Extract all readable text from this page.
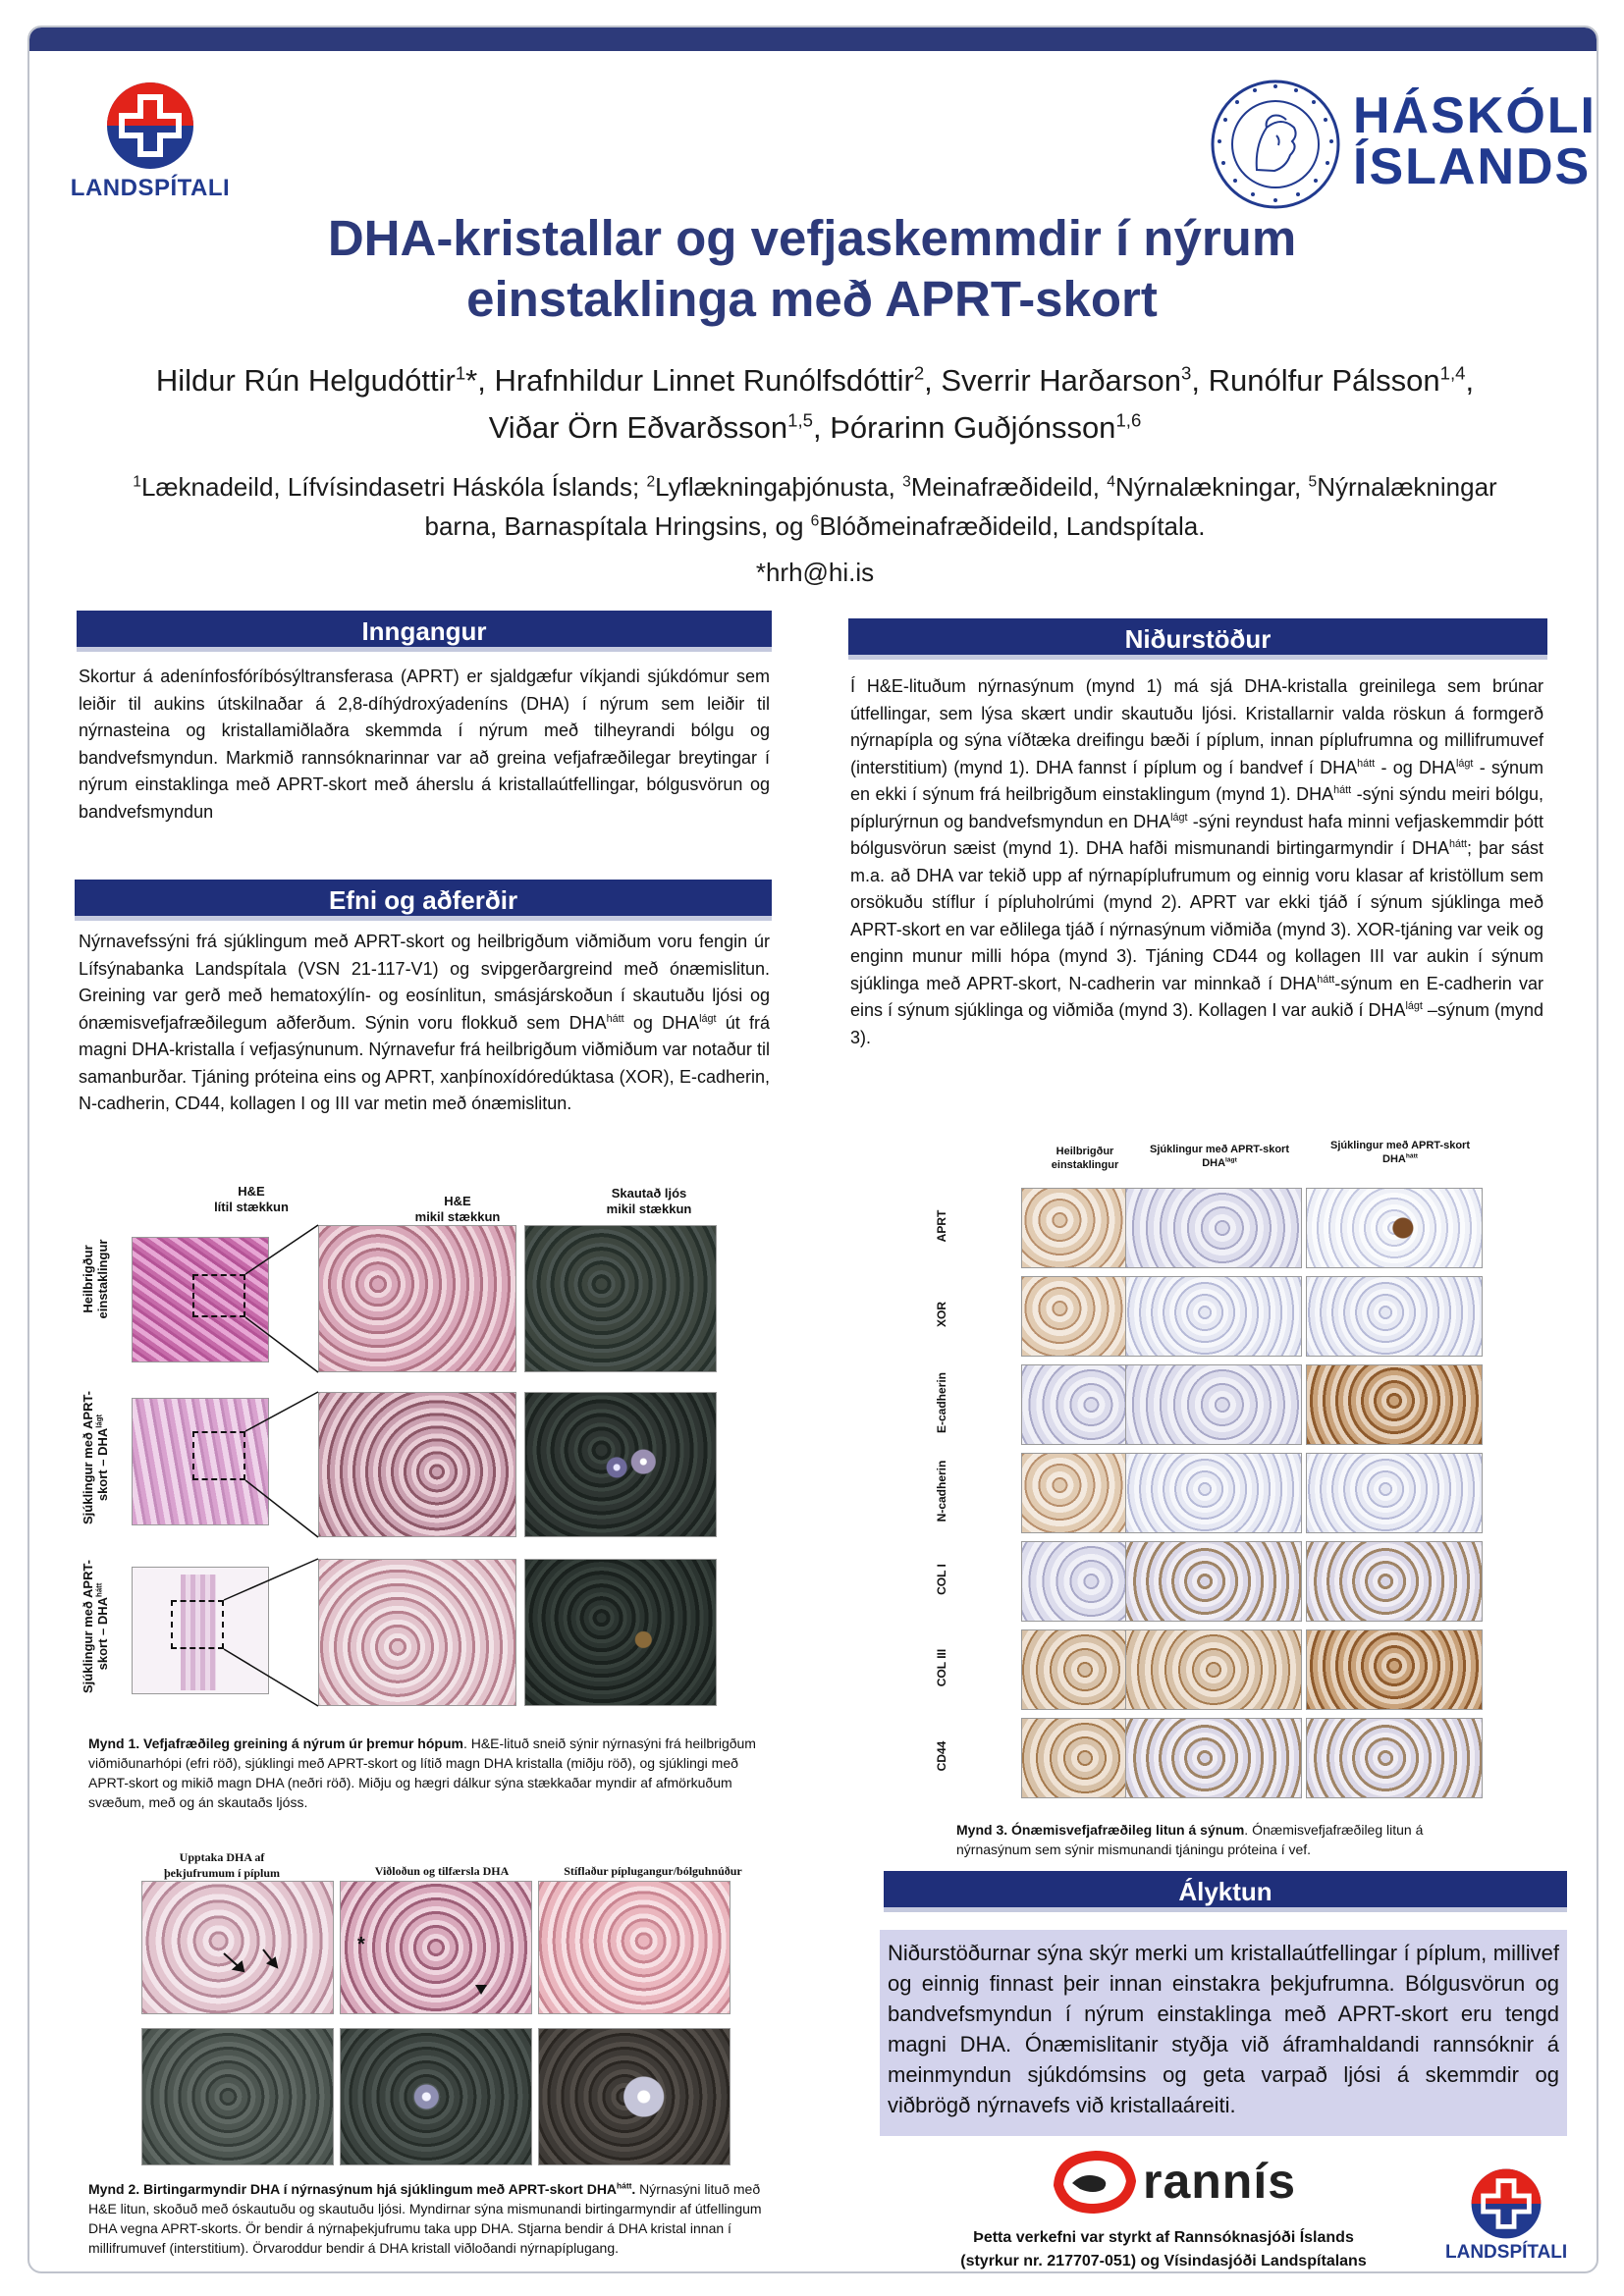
LANDSPÍTALI
HÁSKÓLI
ÍSLANDS
DHA-kristallar og vefjaskemmdir í nýrum
einstaklinga með APRT-skort
Hildur Rún Helgudóttir$^1$*, Hrafnhildur Linnet Runólfsdóttir$^2$, Sverrir Harðarson$^3$, Runólfur Pálsson$^{1,4}$,
Viðar Örn Eðvarðsson$^{1,5}$, Þórarinn Guðjónsson$^{1,6}$
$^1$Læknadeild, Lífvísindasetri Háskóla Íslands; $^2$Lyflækningaþjónusta, $^3$Meinafræðideild, $^4$Nýrnalækningar, $^5$Nýrnalækningar
barna, Barnaspítala Hringsins, og $^6$Blóðmeinafræðideild, Landspítala.
*hrh@hi.is
Inngangur
Skortur á adenínfosfóríbósýltransferasa (APRT) er sjaldgæfur víkjandi sjúkdómur sem leiðir til aukins útskilnaðar á 2,8-díhýdroxýadeníns (DHA) í nýrum sem leiðir til nýrnasteina og kristallamiðlaðra skemmda í nýrum með tilheyrandi bólgu og bandvefsmyndun. Markmið rannsóknarinnar var að greina vefjafræðilegar breytingar í nýrum einstaklinga með APRT-skort með áherslu á kristallaútfellingar, bólgusvörun og bandvefsmyndun
Efni og aðferðir
Nýrnavefssýni frá sjúklingum með APRT-skort og heilbrigðum viðmiðum voru fengin úr Lífsýnabanka Landspítala (VSN 21-117-V1) og svipgerðargreind með ónæmislitun. Greining var gerð með hematoxýlín- og eosínlitun, smásjárskoðun í skautuðu ljósi og ónæmisvefjafræðilegum aðferðum. Sýnin voru flokkuð sem $DHA^{hátt}$ og $DHA^{lágt}$ út frá magni DHA-kristalla í vefjasýnunum. Nýrnavefur frá heilbrigðum viðmiðum var notaður til samanburðar. Tjáning próteina eins og APRT, xanþínoxídóredúktasa (XOR), E-cadherin, N-cadherin, CD44, kollagen I og III var metin með ónæmislitun.
H&E
lítil stækkun	H&E
mikil stækkun
Skautað ljós
mikil stækkun
Heilbrigður einstaklingur
Sjúklingur með APRT- skort – $DHA^{lágt}$
Sjúklingur með APRT- skort – $DHA^{hátt}$
Mynd 1. Vefjafræðileg greining á nýrum úr þremur hópum. H&E-lituð sneið sýnir nýrnasýni frá heilbrigðum viðmiðunarhópi (efri röð), sjúklingi með APRT-skort og lítið magn DHA kristalla (miðju röð), og sjúklingi með APRT-skort og mikið magn DHA (neðri röð). Miðju og hægri dálkur sýna stækkaðar myndir af afmörkuðum svæðum, með og án skautaðs ljóss.
Upptaka DHA af
þekjufrumum í píplum	Viðloðun og tilfærsla DHA	Stíflaður píplugangur/bólguhnúður
*
Mynd 2. Birtingarmyndir DHA í nýrnasýnum hjá sjúklingum með APRT-skort $DHA^{hátt}$. Nýrnasýni lituð með H&E litun, skoðuð með óskautuðu og skautuðu ljósi. Myndirnar sýna mismunandi birtingarmyndir af útfellingum DHA vegna APRT-skorts. Ör bendir á nýrnaþekjufrumu taka upp DHA. Stjarna bendir á DHA kristal innan í millifrumuvef (interstitium). Örvaroddur bendir á DHA kristall viðloðandi nýrnapíplugang.
Niðurstöður
Í H&E-lituðum nýrnasýnum (mynd 1) má sjá DHA-kristalla greinilega sem brúnar útfellingar, sem lýsa skært undir skautuðu ljósi. Kristallarnir valda röskun á formgerð nýrnapípla og sýna víðtæka dreifingu bæði í píplum, innan píplufrumna og millifrumuvef (interstitium) (mynd 1). DHA fannst í píplum og í bandvef í $DHA^{hátt}$ - og $DHA^{lágt}$ - sýnum en ekki í sýnum frá heilbrigðum einstaklingum (mynd 1). $DHA^{hátt}$ -sýni sýndu meiri bólgu, píplurýrnun og bandvefsmyndun en $DHA^{lágt}$ -sýni reyndust hafa minni vefjaskemmdir þótt bólgusvörun sæist (mynd 1). DHA hafði mismunandi birtingarmyndir í $DHA^{hátt}$; þar sást m.a. að DHA var tekið upp af nýrnapíplufrumum og einnig voru klasar af kristöllum sem orsökuðu stíflur í pípluholrúmi (mynd 2). APRT var ekki tjáð í sýnum sjúklinga með APRT-skort en var eðlilega tjáð í nýrnasýnum viðmiða (mynd 3). XOR-tjáning var veik og enginn munur milli hópa (mynd 3). Tjáning CD44 og kollagen III var aukin í sýnum sjúklinga með APRT-skort, N-cadherin var minnkað í $DHA^{hátt}$-sýnum en E-cadherin var eins í sýnum sjúklinga og viðmiða (mynd 3). Kollagen I var aukið í $DHA^{lágt}$ –sýnum (mynd 3).
Heilbrigður
einstaklingur
Sjúklingur með APRT-skort
$DHA^{lágt}$
Sjúklingur með APRT-skort
$DHA^{hátt}$
APRT
XOR
E-cadherin
N-cadherin
COL I
COL III
CD44
Mynd 3. Ónæmisvefjafræðileg litun á sýnum. Ónæmisvefjafræðileg litun á nýrnasýnum sem sýnir mismunandi tjáningu próteina í vef.
Ályktun
Niðurstöðurnar sýna skýr merki um kristallaútfellingar í píplum, millivef og einnig finnast þeir innan einstakra þekjufrumna. Bólgusvörun og bandvefsmyndun í nýrum einstaklinga með APRT-skort eru tengd magni DHA. Ónæmislitanir styðja við áframhaldandi rannsóknir á meinmyndun sjúkdómsins og geta varpað ljósi á skemmdir og viðbrögð nýrnavefs við kristallaáreiti.
rannís
Þetta verkefni var styrkt af Rannsóknasjóði Íslands
(styrkur nr. 217707-051) og Vísindasjóði Landspítalans	LANDSPÍTALI
